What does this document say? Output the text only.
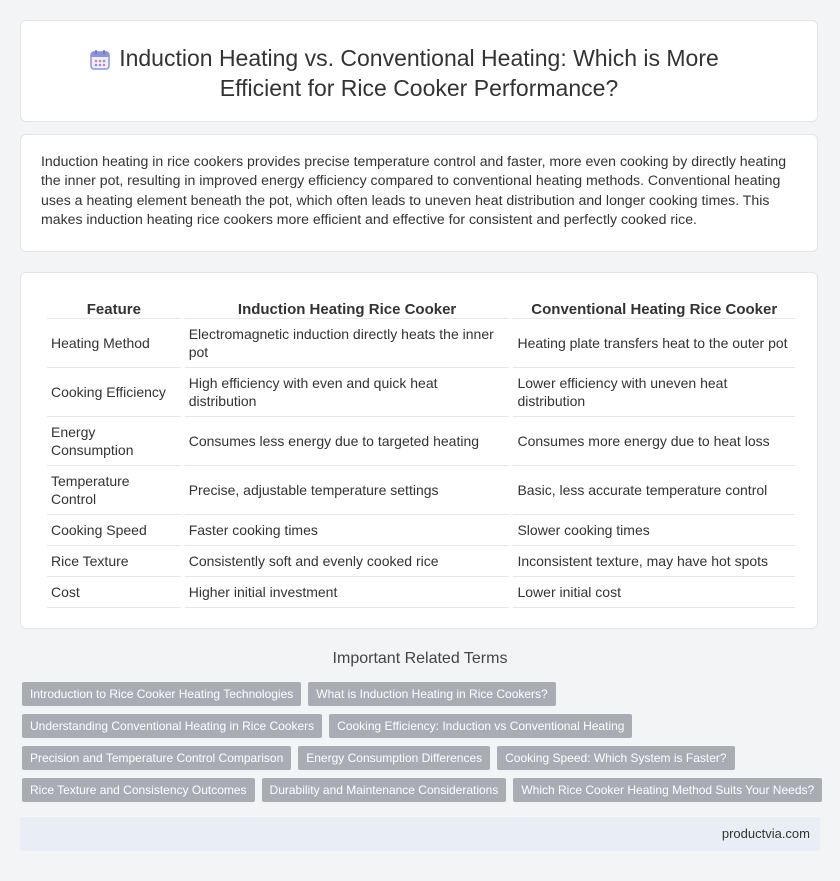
Induction Heating vs. Conventional Heating: Which is More Efficient for Rice Cooker Performance?

Induction heating in rice cookers provides precise temperature control and faster, more even cooking by directly heating the inner pot, resulting in improved energy efficiency compared to conventional heating methods. Conventional heating uses a heating element beneath the pot, which often leads to uneven heat distribution and longer cooking times. This makes induction heating rice cookers more efficient and effective for consistent and perfectly cooked rice.

Feature	Induction Heating Rice Cooker	Conventional Heating Rice Cooker
Heating Method	Electromagnetic induction directly heats the inner pot	Heating plate transfers heat to the outer pot
Cooking Efficiency	High efficiency with even and quick heat distribution	Lower efficiency with uneven heat distribution
Energy Consumption	Consumes less energy due to targeted heating	Consumes more energy due to heat loss
Temperature Control	Precise, adjustable temperature settings	Basic, less accurate temperature control
Cooking Speed	Faster cooking times	Slower cooking times
Rice Texture	Consistently soft and evenly cooked rice	Inconsistent texture, may have hot spots
Cost	Higher initial investment	Lower initial cost
Important Related Terms
Introduction to Rice Cooker Heating Technologies	What is Induction Heating in Rice Cookers?
Understanding Conventional Heating in Rice Cookers	Cooking Efficiency: Induction vs Conventional Heating
Precision and Temperature Control Comparison	Energy Consumption Differences	Cooking Speed: Which System is Faster?
Rice Texture and Consistency Outcomes	Durability and Maintenance Considerations	Which Rice Cooker Heating Method Suits Your Needs?
productvia.com
